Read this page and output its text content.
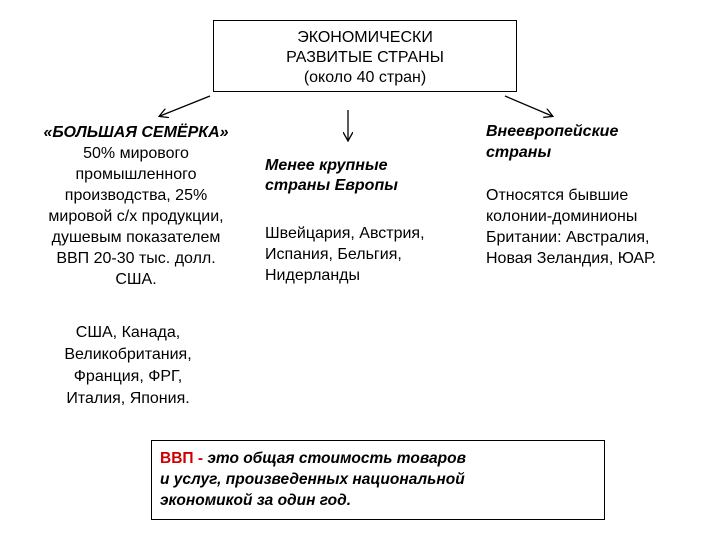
ЭКОНОМИЧЕСКИ
РАЗВИТЫЕ СТРАНЫ
(около 40 стран)
«БОЛЬШАЯ СЕМЁРКА»
50% мирового
промышленного
производства, 25%
мировой с/х продукции,
душевым показателем
ВВП 20-30 тыс. долл.
США.
США, Канада,
Великобритания,
Франция, ФРГ,
Италия, Япония.
Менее крупные
страны Европы
Швейцария, Австрия,
Испания, Бельгия,
Нидерланды
Внеевропейские
страны
Относятся бывшие
колонии-доминионы
Британии: Австралия,
Новая Зеландия, ЮАР.
ВВП - это общая стоимость товаров
и услуг, произведенных национальной
экономикой за один год.
